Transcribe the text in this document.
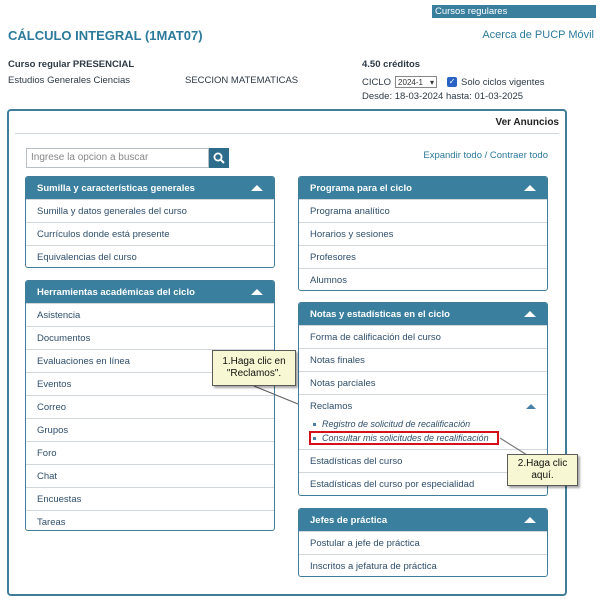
Cursos regulares
CÁLCULO INTEGRAL (1MAT07)	Acerca de PUCP Móvil
Curso regular PRESENCIAL
Estudios Generales Ciencias	SECCION MATEMATICAS
4.50 créditos
CICLO 2024-1 ▾ ✓ Solo ciclos vigentes
Desde: 18-03-2024 hasta: 01-03-2025
Ver Anuncios
Ingrese la opcion a buscar	Expandir todo / Contraer todo
Sumilla y características generales
Sumilla y datos generales del curso
Currículos donde está presente
Equivalencias del curso
Herramientas académicas del ciclo
Asistencia
Documentos
Evaluaciones en línea
Eventos
Correo
Grupos
Foro
Chat
Encuestas
Tareas
Programa para el ciclo
Programa analítico
Horarios y sesiones
Profesores
Alumnos
Notas y estadísticas en el ciclo
Forma de calificación del curso
Notas finales
Notas parciales
Reclamos
Registro de solicitud de recalificación
Consultar mis solicitudes de recalificación
Estadísticas del curso
Estadísticas del curso por especialidad
Jefes de práctica
Postular a jefe de práctica
Inscritos a jefatura de práctica
1.Haga clic en
"Reclamos".
2.Haga clic
aquí.
